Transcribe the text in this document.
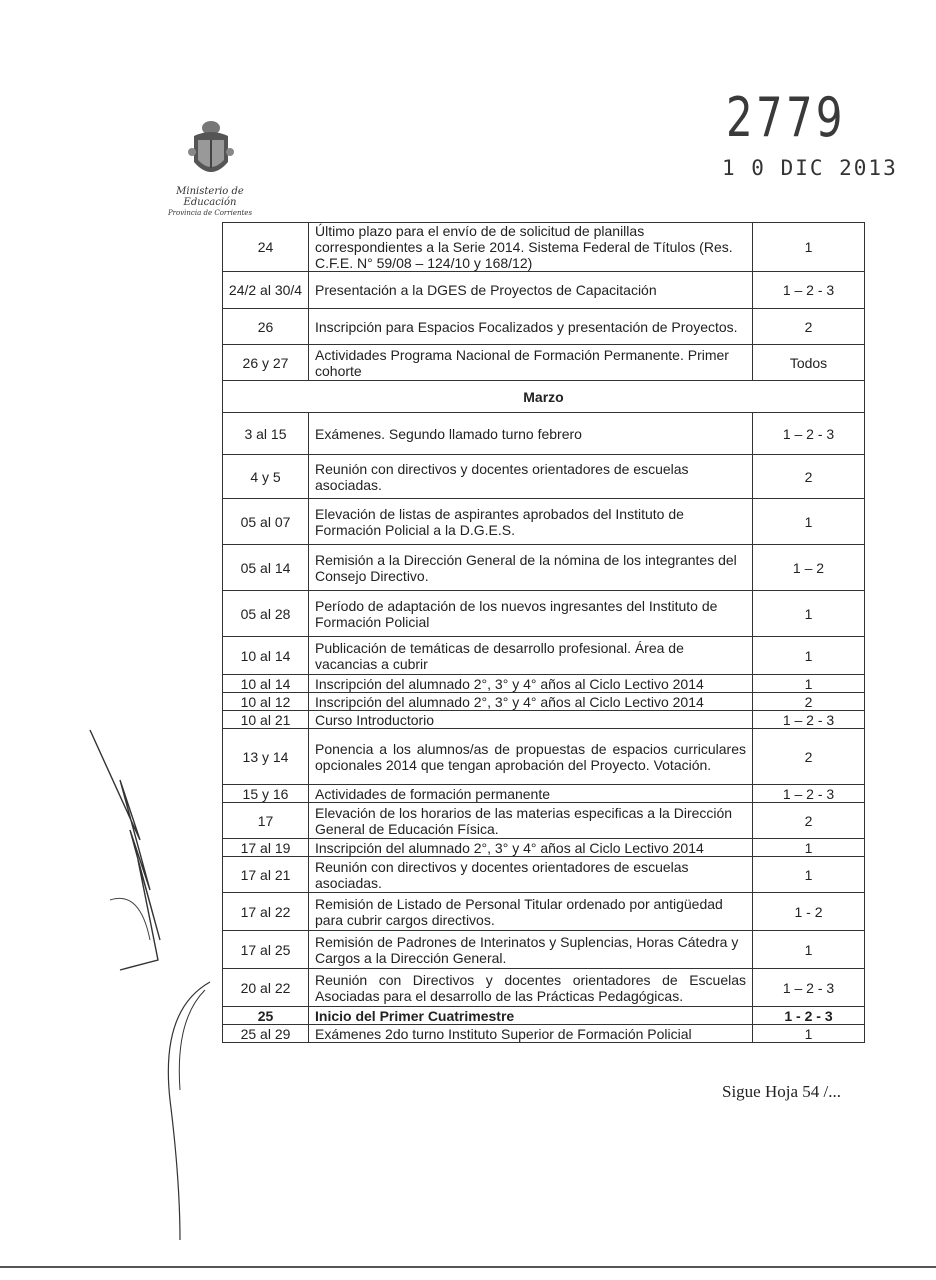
2779
1 0 DIC 2013
Ministerio de Educación
Provincia de Corrientes
24	Último plazo para el envío de de solicitud de planillas correspondientes a la Serie 2014. Sistema Federal de Títulos (Res. C.F.E. N° 59/08 – 124/10 y 168/12)	1
24/2 al 30/4	Presentación a la DGES de Proyectos de Capacitación	1 – 2 - 3
26	Inscripción para Espacios Focalizados y presentación de Proyectos.	2
26 y 27	Actividades Programa Nacional de Formación Permanente. Primer cohorte	Todos
Marzo		
3 al 15	Exámenes. Segundo llamado turno febrero	1 – 2 - 3
4 y 5	Reunión con directivos y docentes orientadores de escuelas asociadas.	2
05 al 07	Elevación de listas de aspirantes aprobados del Instituto de Formación Policial a la D.G.E.S.	1
05 al 14	Remisión a la Dirección General de la nómina de los integrantes del Consejo Directivo.	1 – 2
05 al 28	Período de adaptación de los nuevos ingresantes del Instituto de Formación Policial	1
10 al 14	Publicación de temáticas de desarrollo profesional. Área de vacancias a cubrir	1
10 al 14	Inscripción del alumnado 2°, 3° y 4° años al Ciclo Lectivo 2014	1
10 al 12	Inscripción del alumnado 2°, 3° y 4° años al Ciclo Lectivo 2014	2
10 al 21	Curso Introductorio	1 – 2 - 3
13 y 14	Ponencia a los alumnos/as de propuestas de espacios curriculares opcionales 2014 que tengan aprobación del Proyecto. Votación.	2
15 y 16	Actividades de formación permanente	1 – 2 - 3
17	Elevación de los horarios de las materias especificas a la Dirección General de Educación Física.	2
17 al 19	Inscripción del alumnado 2°, 3° y 4° años al Ciclo Lectivo 2014	1
17 al 21	Reunión con directivos y docentes orientadores de escuelas asociadas.	1
17 al 22	Remisión de Listado de Personal Titular ordenado por antigüedad para cubrir cargos directivos.	1 - 2
17 al 25	Remisión de Padrones de Interinatos y Suplencias, Horas Cátedra y Cargos a la Dirección General.	1
20 al 22	Reunión con Directivos y docentes orientadores de Escuelas Asociadas para el desarrollo de las Prácticas Pedagógicas.	1 – 2 - 3
25	Inicio del Primer Cuatrimestre	1 - 2 - 3
25 al 29	Exámenes 2do turno Instituto Superior de Formación Policial	1
Sigue Hoja 54 /...
